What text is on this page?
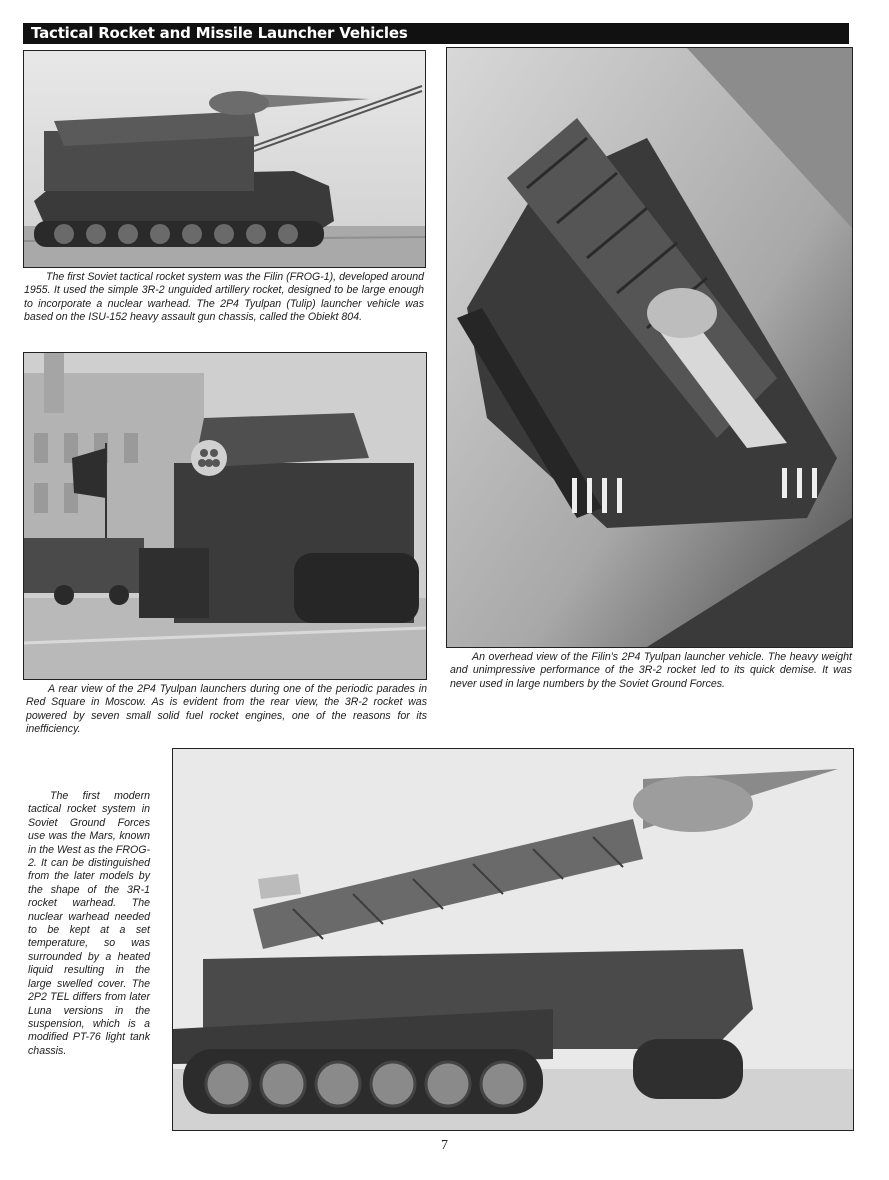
Tactical Rocket and Missile Launcher Vehicles

The first Soviet tactical rocket system was the Filin (FROG-1), developed around 1955. It used the simple 3R-2 unguided artillery rocket, designed to be large enough to incorporate a nuclear warhead. The 2P4 Tyulpan (Tulip) launcher vehicle was based on the ISU-152 heavy assault gun chassis, called the Obiekt 804.

A rear view of the 2P4 Tyulpan launchers during one of the periodic parades in Red Square in Moscow. As is evident from the rear view, the 3R-2 rocket was powered by seven small solid fuel rocket engines, one of the reasons for its inefficiency.

An overhead view of the Filin's 2P4 Tyulpan launcher vehicle. The heavy weight and unimpressive performance of the 3R-2 rocket led to its quick demise. It was never used in large numbers by the Soviet Ground Forces.

The first modern tactical rocket system in Soviet Ground Forces use was the Mars, known in the West as the FROG-2. It can be distinguished from the later models by the shape of the 3R-1 rocket warhead. The nuclear warhead needed to be kept at a set temperature, so was surrounded by a heated liquid resulting in the large swelled cover. The 2P2 TEL differs from later Luna versions in the suspension, which is a modified PT-76 light tank chassis.

7
